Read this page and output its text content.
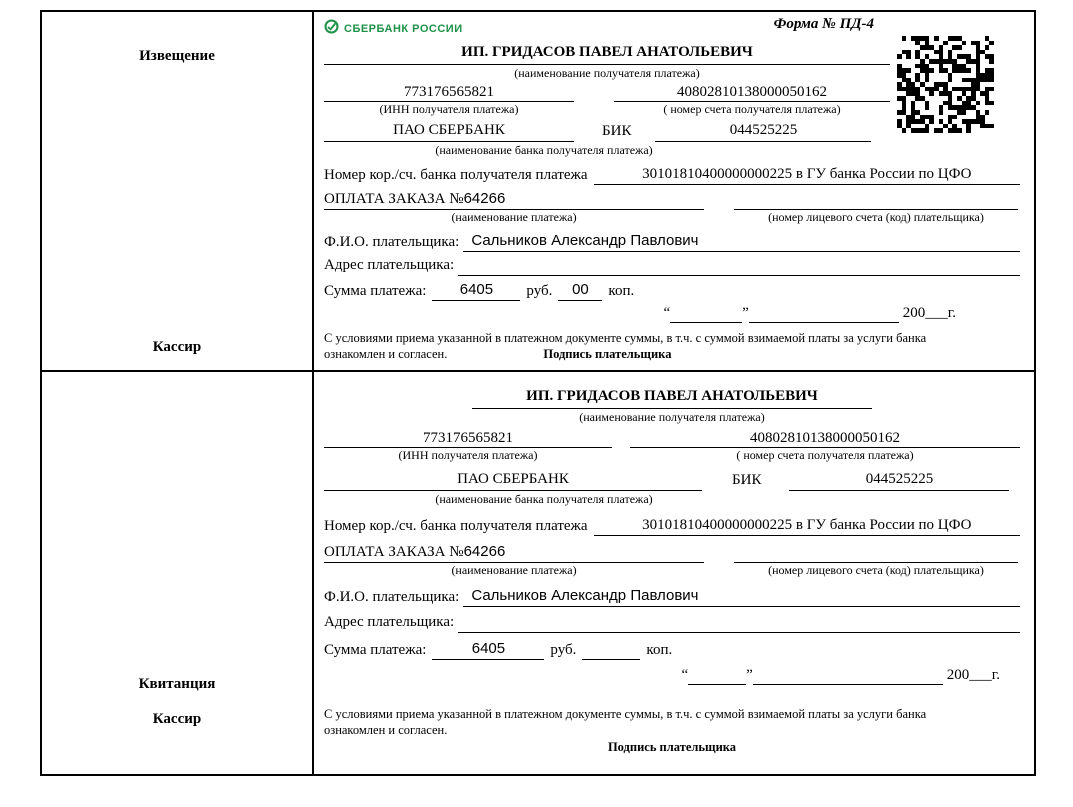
Извещение
Кассир
СБЕРБАНК РОССИИ	Форма № ПД-4
ИП. ГРИДАСОВ ПАВЕЛ АНАТОЛЬЕВИЧ
(наименование получателя платежа)
773176565821	40802810138000050162
(ИНН получателя платежа)	( номер счета получателя платежа)
ПАО СБЕРБАНК	БИК	044525225
(наименование банка получателя платежа)
Номер кор./сч. банка получателя платежа	30101810400000000225 в ГУ банка России по ЦФО
ОПЛАТА ЗАКАЗА №64266
(наименование платежа)	(номер лицевого счета (код) плательщика)
Ф.И.О. плательщика: Сальников Александр Павлович
Адрес плательщика:
Сумма платежа:	6405	руб.	00	коп.
“	”	200___г.
С условиями приема указанной в платежном документе суммы, в т.ч. с суммой взимаемой платы за услуги банка
ознакомлен и согласен.	Подпись плательщика
Квитанция
Кассир
ИП. ГРИДАСОВ ПАВЕЛ АНАТОЛЬЕВИЧ
(наименование получателя платежа)
773176565821	40802810138000050162
(ИНН получателя платежа)	( номер счета получателя платежа)
ПАО СБЕРБАНК	БИК	044525225
(наименование банка получателя платежа)
Номер кор./сч. банка получателя платежа	30101810400000000225 в ГУ банка России по ЦФО
ОПЛАТА ЗАКАЗА №64266
(наименование платежа)	(номер лицевого счета (код) плательщика)
Ф.И.О. плательщика: Сальников Александр Павлович
Адрес плательщика:
Сумма платежа:	6405	руб.	коп.
“	”	200___г.
С условиями приема указанной в платежном документе суммы, в т.ч. с суммой взимаемой платы за услуги банка
ознакомлен и согласен.
Подпись плательщика
